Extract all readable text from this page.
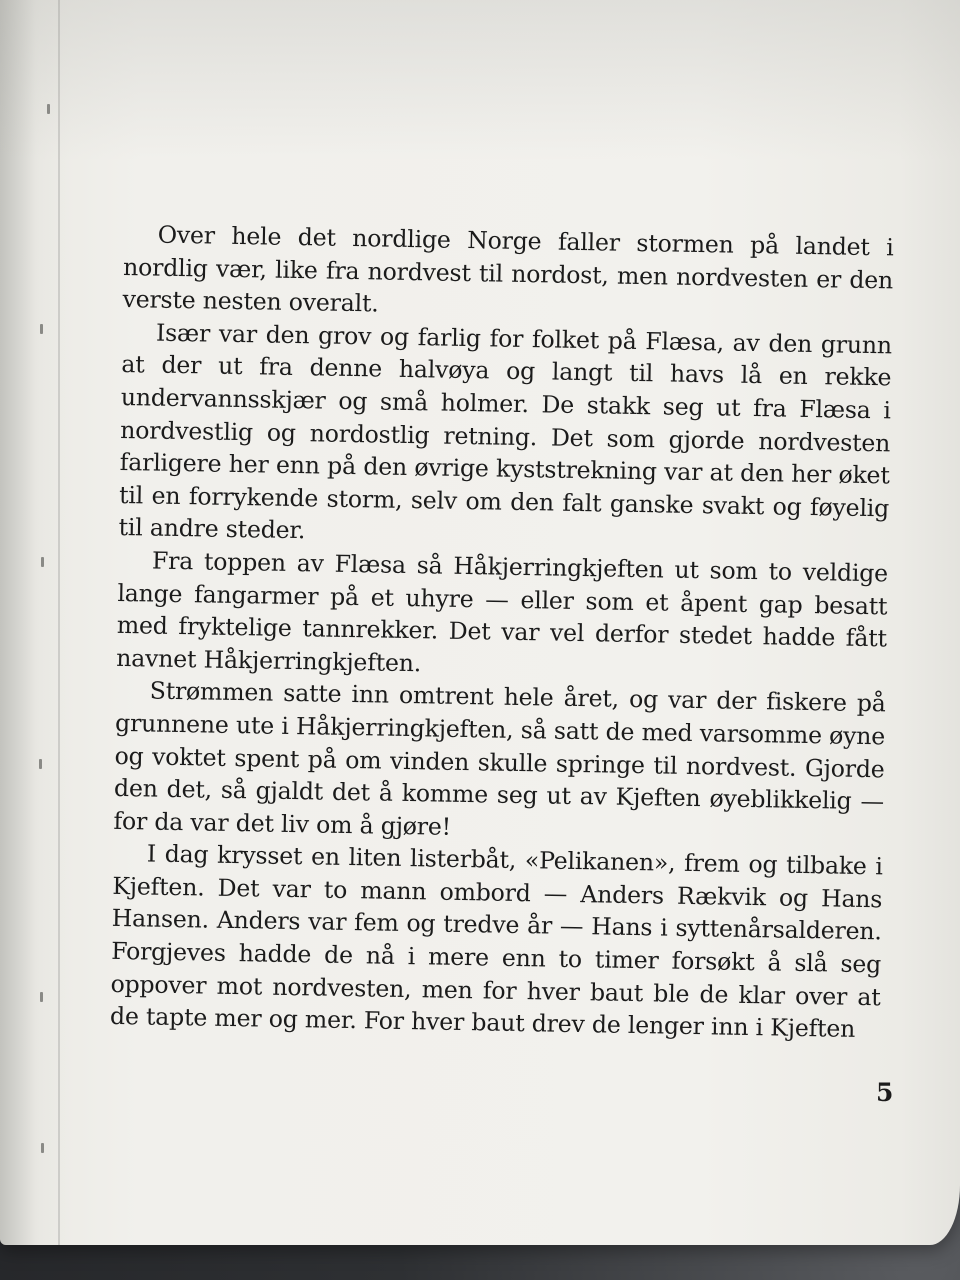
Over hele det nordlige Norge faller stormen på landet i nordlig vær, like fra nordvest til nordost, men nordvesten er den verste nesten overalt.

Især var den grov og farlig for folket på Flæsa, av den grunn at der ut fra denne halvøya og langt til havs lå en rekke undervannsskjær og små holmer. De stakk seg ut fra Flæsa i nordvestlig og nordostlig retning. Det som gjorde nordvesten farligere her enn på den øvrige kyststrekning var at den her øket til en forrykende storm, selv om den falt ganske svakt og føyelig til andre steder.

Fra toppen av Flæsa så Håkjerringkjeften ut som to veldige lange fangarmer på et uhyre — eller som et åpent gap besatt med fryktelige tannrekker. Det var vel derfor stedet hadde fått navnet Håkjerringkjeften.

Strømmen satte inn omtrent hele året, og var der fiskere på grunnene ute i Håkjerringkjeften, så satt de med varsomme øyne og voktet spent på om vinden skulle springe til nordvest. Gjorde den det, så gjaldt det å komme seg ut av Kjeften øyeblikkelig — for da var det liv om å gjøre!

I dag krysset en liten listerbåt, «Pelikanen», frem og tilbake i Kjeften. Det var to mann ombord — Anders Rækvik og Hans Hansen. Anders var fem og tredve år — Hans i syttenårsalderen. Forgjeves hadde de nå i mere enn to timer forsøkt å slå seg oppover mot nordvesten, men for hver baut ble de klar over at de tapte mer og mer. For hver baut drev de lenger inn i Kjeften

5
